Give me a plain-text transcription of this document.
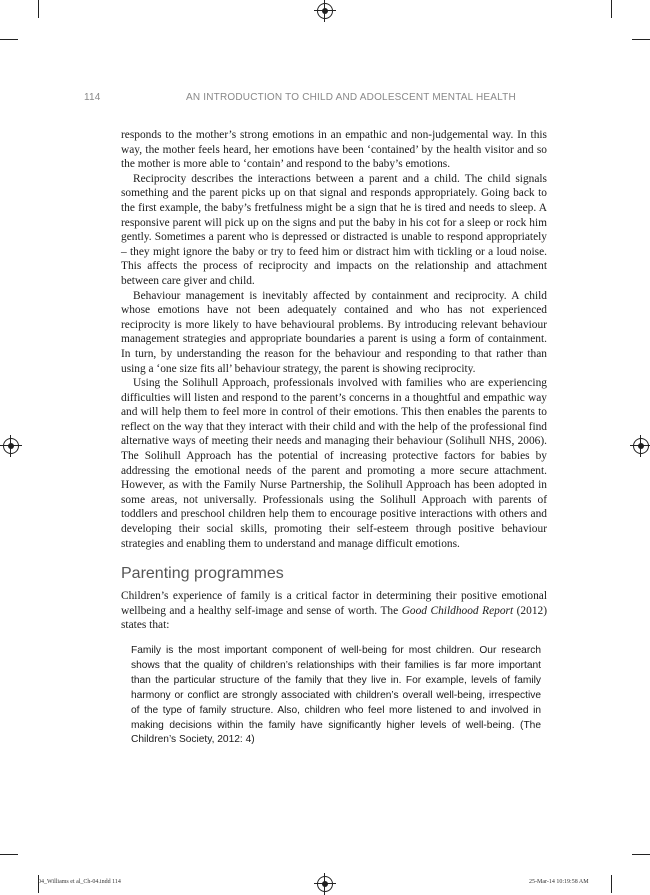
114	AN INTRODUCTION TO CHILD AND ADOLESCENT MENTAL HEALTH

responds to the mother’s strong emotions in an empathic and non-judgemental way. In this way, the mother feels heard, her emotions have been ‘contained’ by the health visitor and so the mother is more able to ‘contain’ and respond to the baby’s emotions.

Reciprocity describes the interactions between a parent and a child. The child signals something and the parent picks up on that signal and responds appropriately. Going back to the first example, the baby’s fretfulness might be a sign that he is tired and needs to sleep. A responsive parent will pick up on the signs and put the baby in his cot for a sleep or rock him gently. Sometimes a parent who is depressed or distracted is unable to respond appropriately – they might ignore the baby or try to feed him or distract him with tickling or a loud noise. This affects the process of reciprocity and impacts on the relationship and attachment between care giver and child.

Behaviour management is inevitably affected by containment and reciprocity. A child whose emotions have not been adequately contained and who has not experienced reciprocity is more likely to have behavioural problems. By introducing relevant behaviour management strategies and appropriate boundaries a parent is using a form of containment. In turn, by understanding the reason for the behaviour and responding to that rather than using a ‘one size fits all’ behaviour strategy, the parent is showing reciprocity.

Using the Solihull Approach, professionals involved with families who are experiencing difficulties will listen and respond to the parent’s concerns in a thoughtful and empathic way and will help them to feel more in control of their emotions. This then enables the parents to reflect on the way that they interact with their child and with the help of the professional find alternative ways of meeting their needs and managing their behaviour (Solihull NHS, 2006). The Solihull Approach has the potential of increasing protective factors for babies by addressing the emotional needs of the parent and promoting a more secure attachment. However, as with the Family Nurse Partnership, the Solihull Approach has been adopted in some areas, not universally. Professionals using the Solihull Approach with parents of toddlers and preschool children help them to encourage positive interactions with others and developing their social skills, promoting their self-esteem through positive behaviour strategies and enabling them to understand and manage difficult emotions.

Parenting programmes

Children’s experience of family is a critical factor in determining their positive emotional wellbeing and a healthy self-image and sense of worth. The Good Childhood Report (2012) states that:

Family is the most important component of well-being for most children. Our research shows that the quality of children’s relationships with their families is far more important than the particular structure of the family that they live in. For example, levels of family harmony or conflict are strongly associated with children’s overall well-being, irrespective of the type of family structure. Also, children who feel more listened to and involved in making decisions within the family have significantly higher levels of well-being. (The Children’s Society, 2012: 4)
04_Williams et al_Ch-04.indd 114	25-Mar-14 10:19:58 AM
